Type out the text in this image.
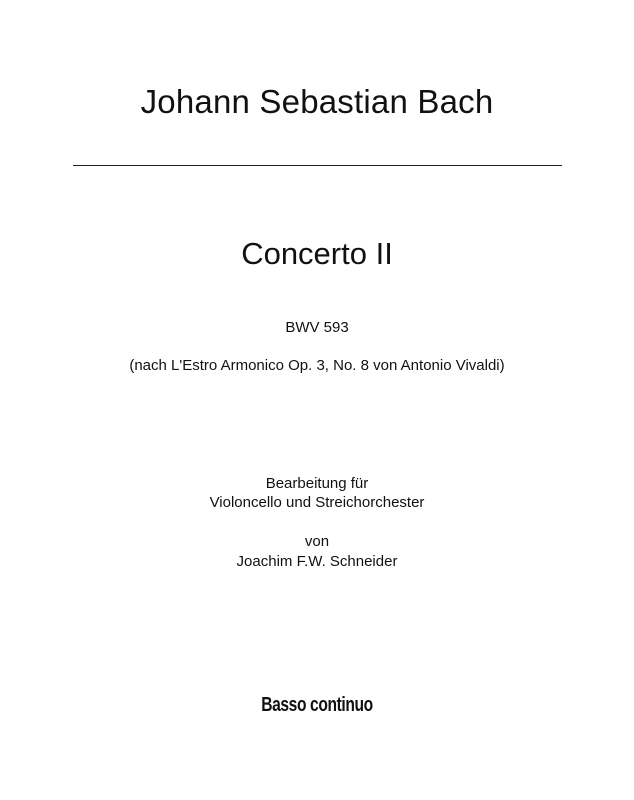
Johann Sebastian Bach
Concerto II
BWV 593
(nach L'Estro Armonico Op. 3, No. 8 von Antonio Vivaldi)
Bearbeitung für
Violoncello und Streichorchester
von
Joachim F.W. Schneider
Basso continuo
